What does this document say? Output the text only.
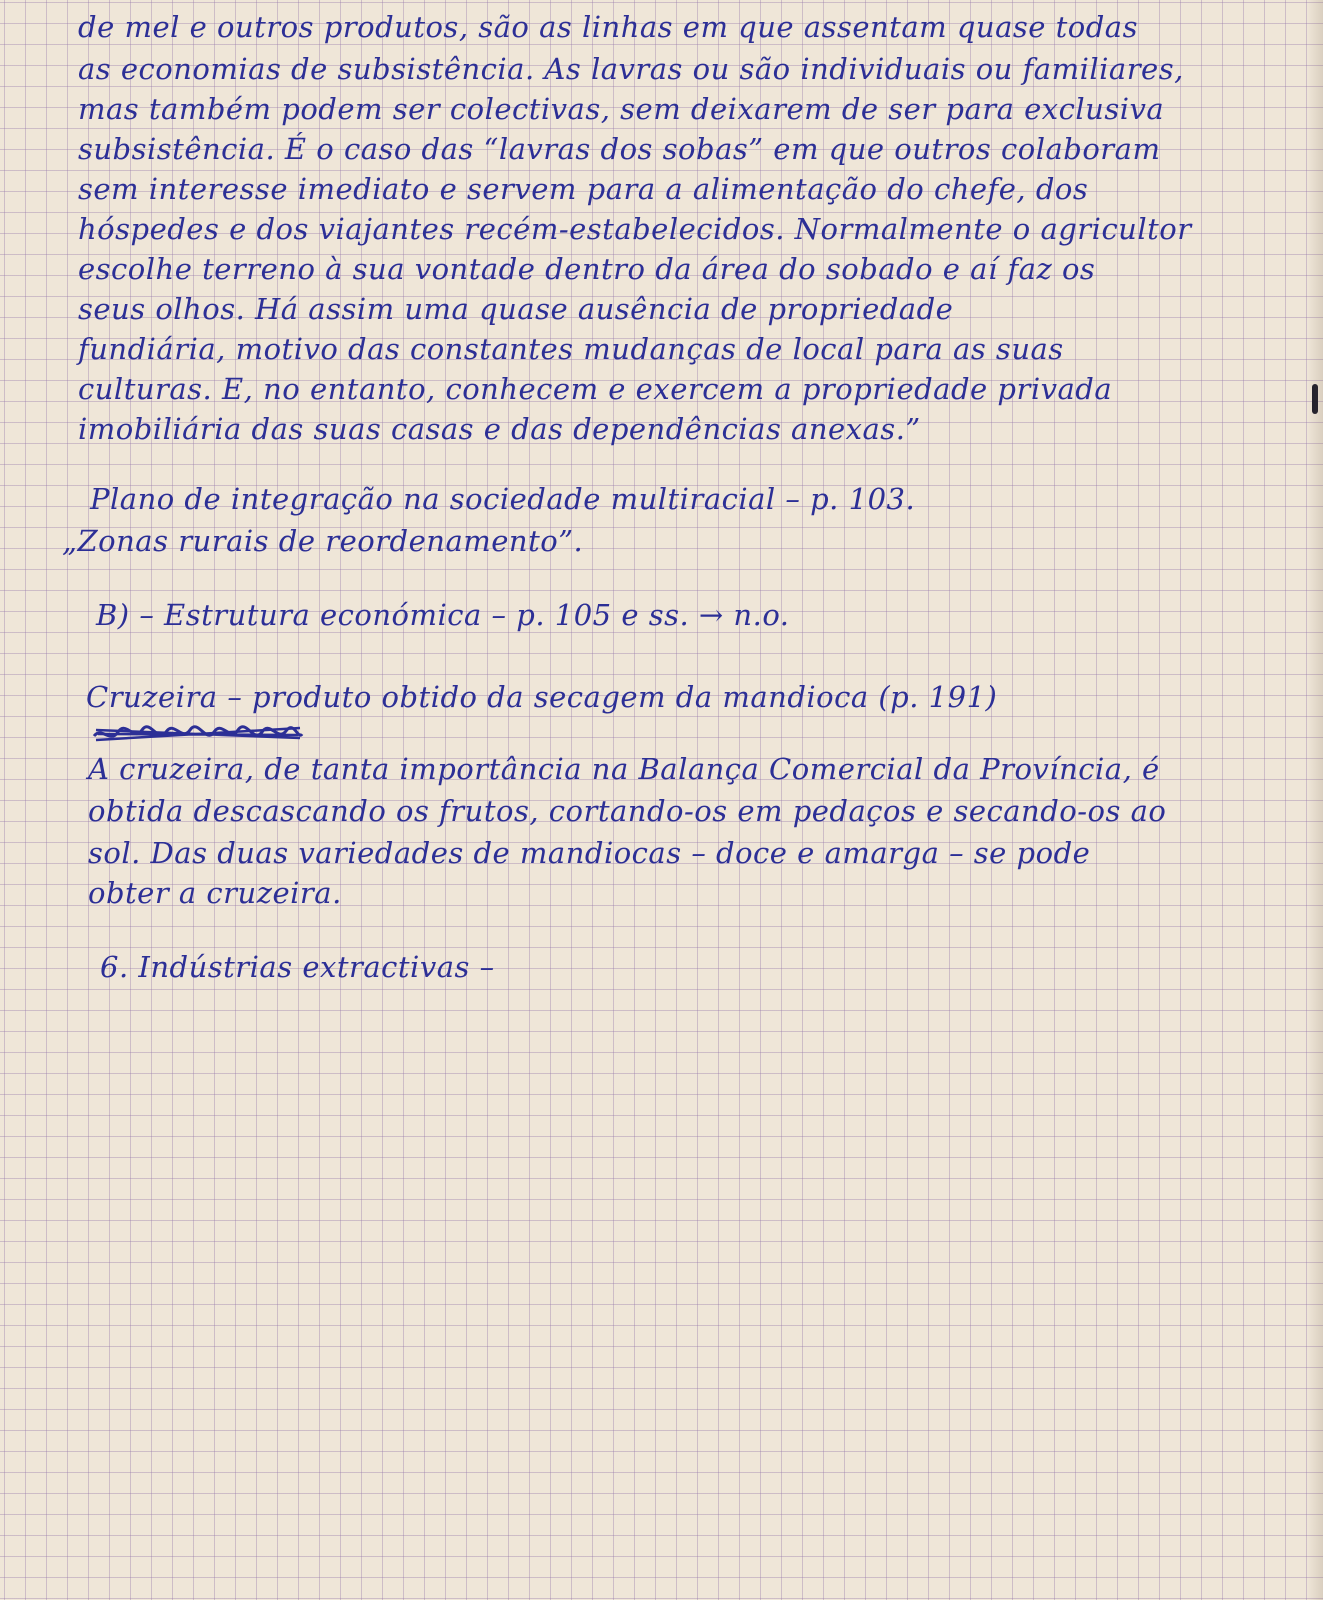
de mel e outros produtos, são as linhas em que assentam quase todas

as economias de subsistência. As lavras ou são individuais ou familiares,

mas também podem ser colectivas, sem deixarem de ser para exclusiva

subsistência. É o caso das “lavras dos sobas” em que outros colaboram

sem interesse imediato e servem para a alimentação do chefe, dos

hóspedes e dos viajantes recém-estabelecidos. Normalmente o agricultor

escolhe terreno à sua vontade dentro da área do sobado e aí faz os

seus olhos. Há assim uma quase ausência de propriedade

fundiária, motivo das constantes mudanças de local para as suas

culturas. E, no entanto, conhecem e exercem a propriedade privada

imobiliária das suas casas e das dependências anexas.”

Plano de integração na sociedade multiracial – p. 103.

„Zonas rurais de reordenamento”.

B) – Estrutura económica – p. 105 e ss. → n.o.

Cruzeira – produto obtido da secagem da mandioca (p. 191)

A cruzeira, de tanta importância na Balança Comercial da Província, é

obtida descascando os frutos, cortando-os em pedaços e secando-os ao

sol. Das duas variedades de mandiocas – doce e amarga – se pode

obter a cruzeira.

6. Indústrias extractivas –
